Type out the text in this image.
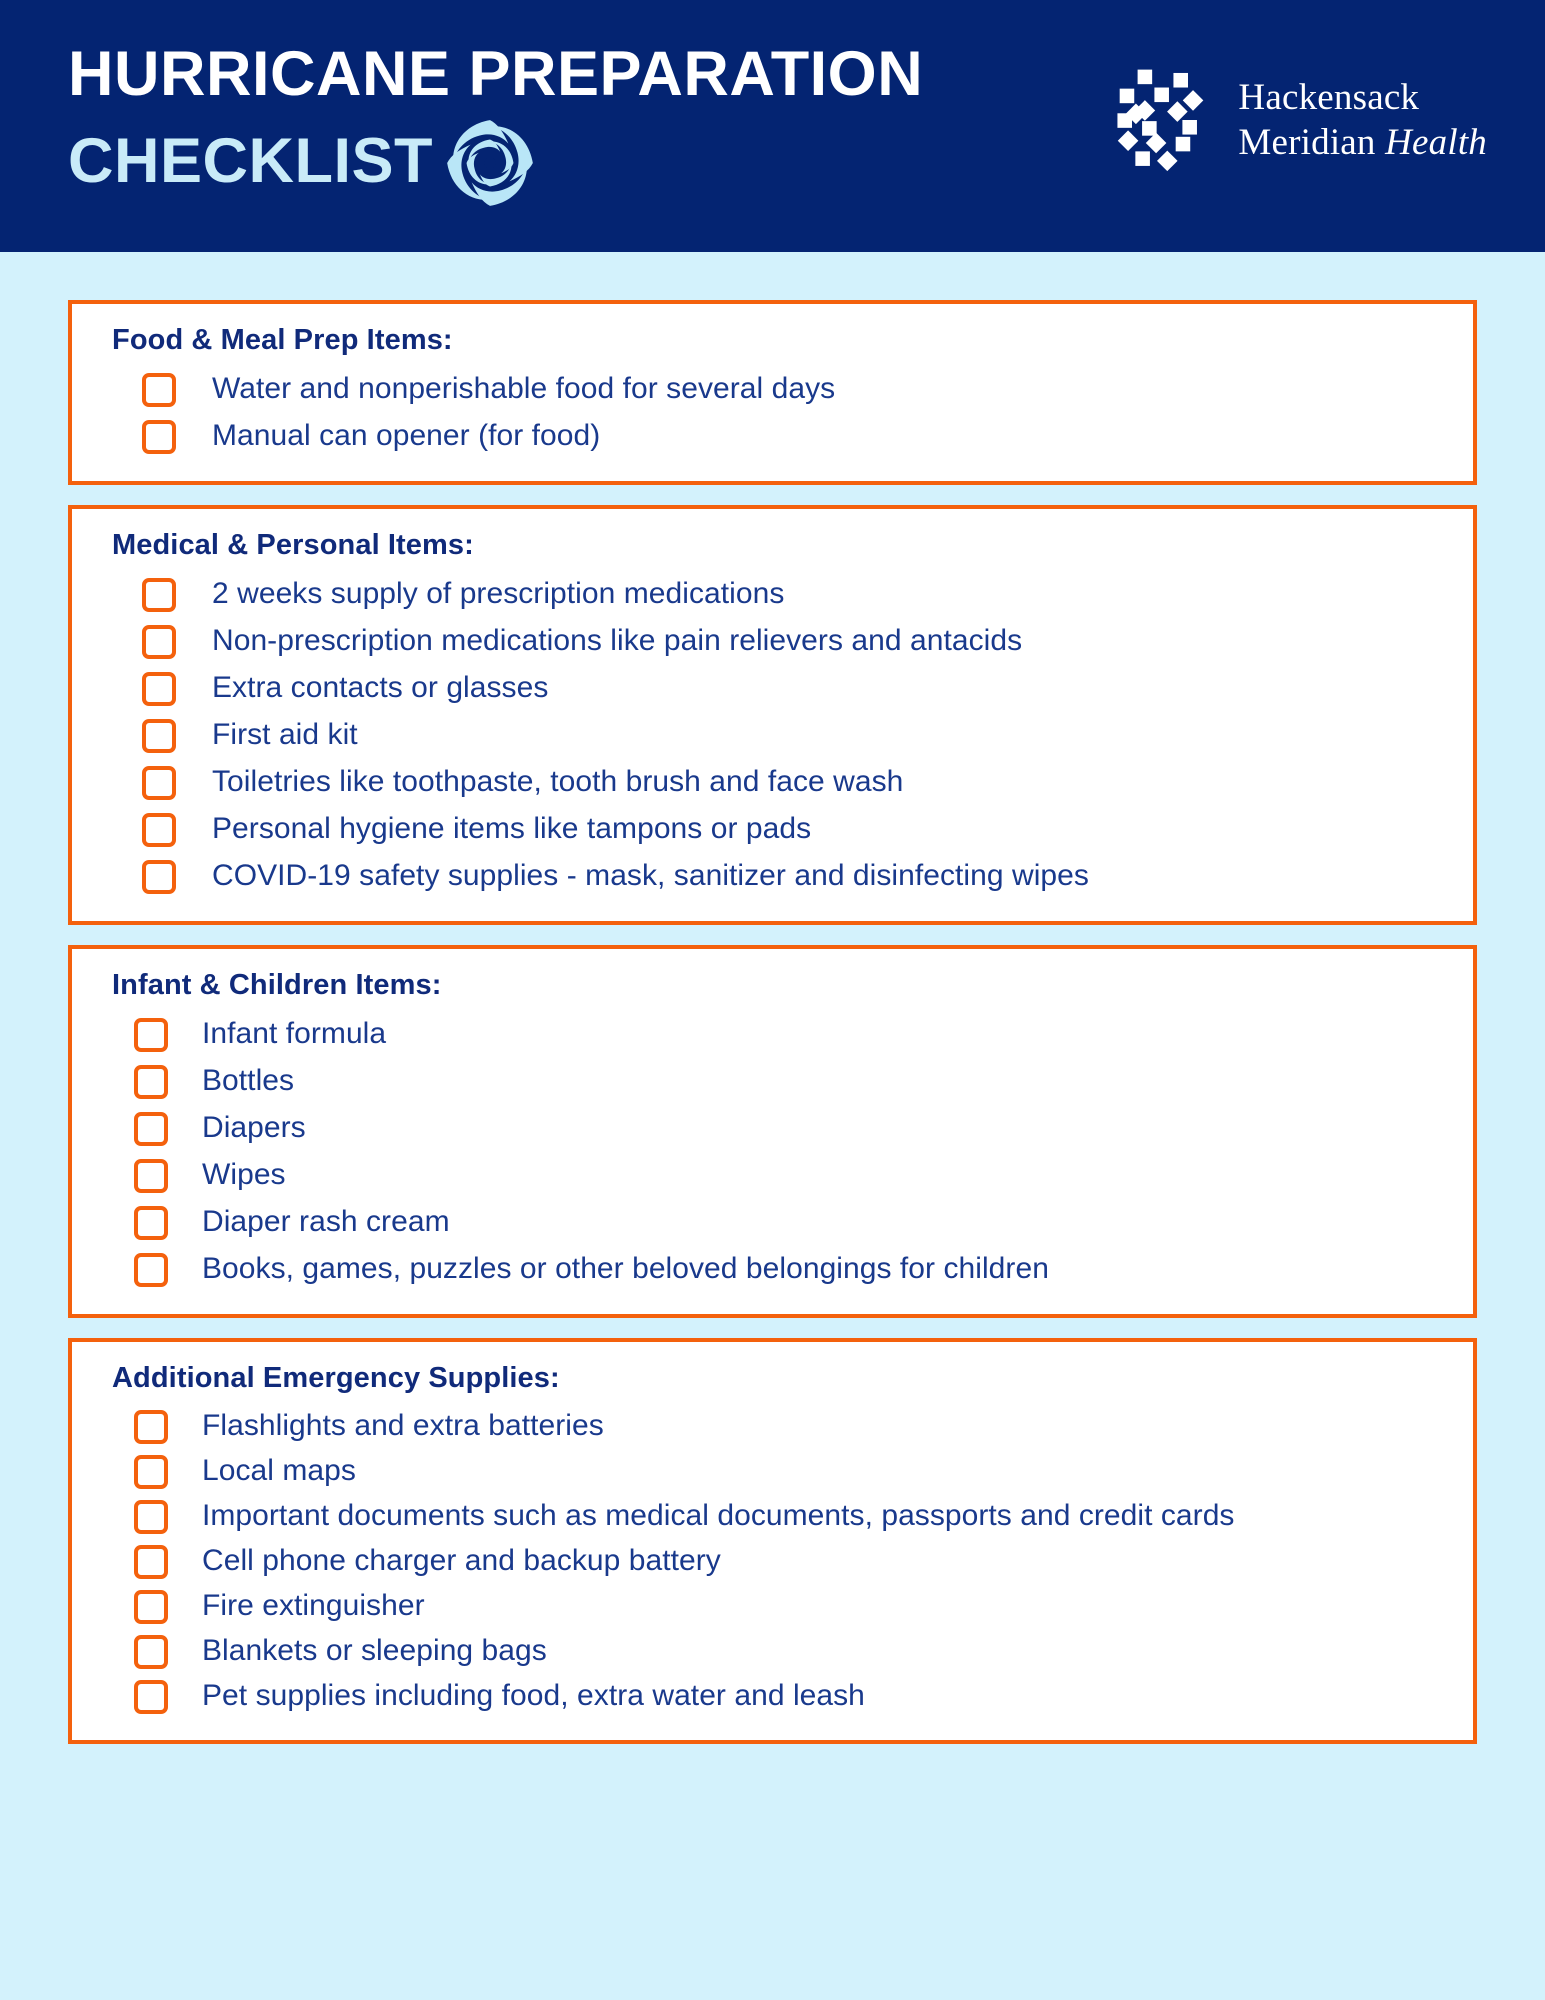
HURRICANE PREPARATION
CHECKLIST
Hackensack
Meridian Health
Food & Meal Prep Items:
Water and nonperishable food for several days
Manual can opener (for food)
Medical & Personal Items:
2 weeks supply of prescription medications
Non-prescription medications like pain relievers and antacids
Extra contacts or glasses
First aid kit
Toiletries like toothpaste, tooth brush and face wash
Personal hygiene items like tampons or pads
COVID-19 safety supplies - mask, sanitizer and disinfecting wipes
Infant & Children Items:
Infant formula
Bottles
Diapers
Wipes
Diaper rash cream
Books, games, puzzles or other beloved belongings for children
Additional Emergency Supplies:
Flashlights and extra batteries
Local maps
Important documents such as medical documents, passports and credit cards
Cell phone charger and backup battery
Fire extinguisher
Blankets or sleeping bags
Pet supplies including food, extra water and leash
